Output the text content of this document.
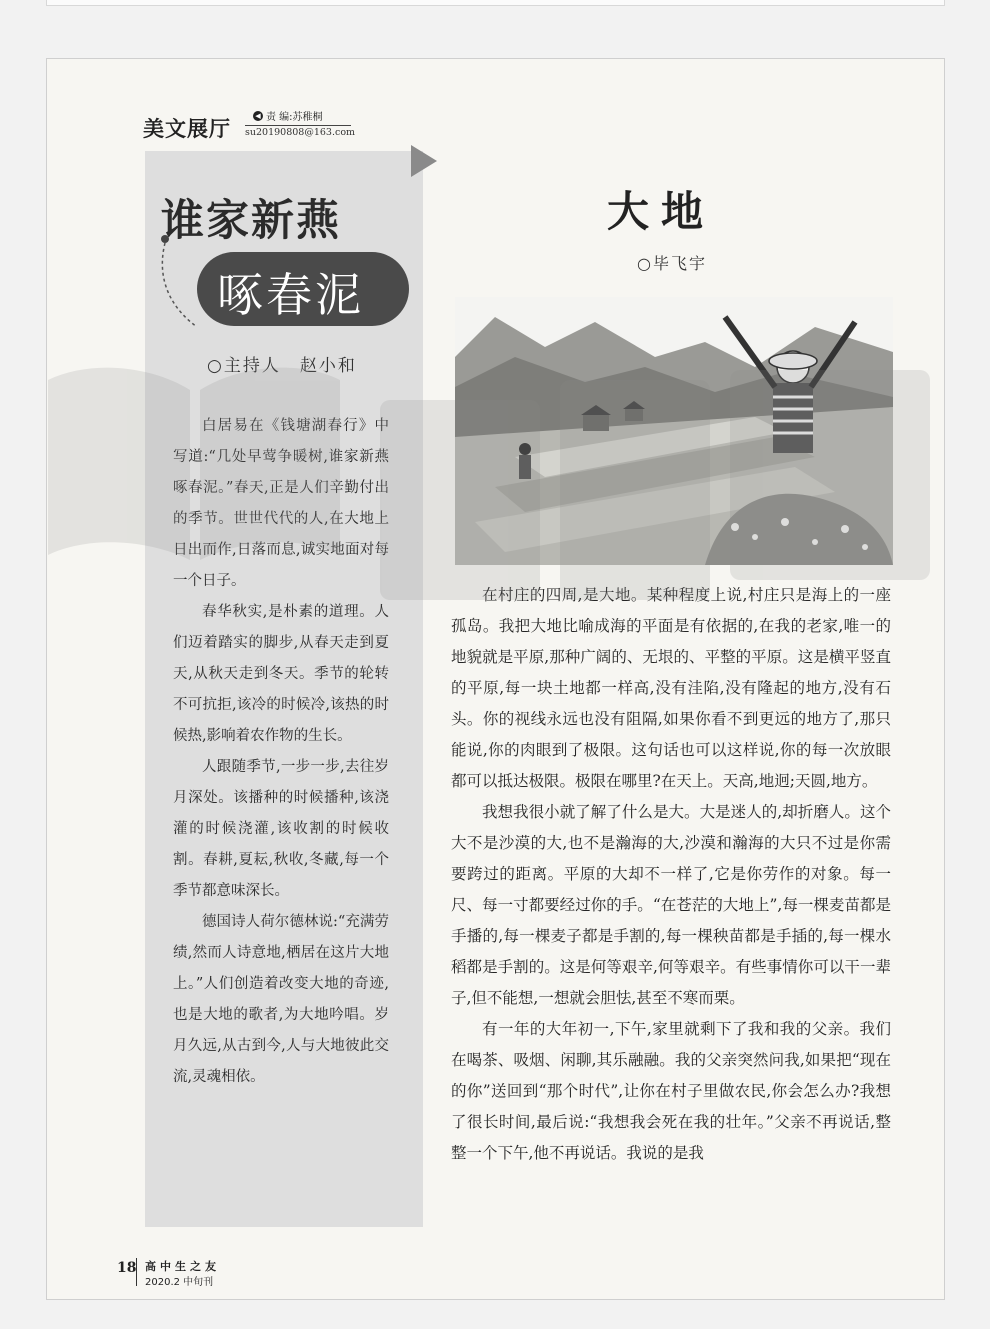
美文展厅
◀ 责 编:苏稚桐
su20190808@163.com
谁家新燕
啄春泥
○主持人　赵小和

白居易在《钱塘湖春行》中写道:“几处早莺争暖树,谁家新燕啄春泥。”春天,正是人们辛勤付出的季节。世世代代的人,在大地上日出而作,日落而息,诚实地面对每一个日子。

春华秋实,是朴素的道理。人们迈着踏实的脚步,从春天走到夏天,从秋天走到冬天。季节的轮转不可抗拒,该冷的时候冷,该热的时候热,影响着农作物的生长。

人跟随季节,一步一步,去往岁月深处。该播种的时候播种,该浇灌的时候浇灌,该收割的时候收割。春耕,夏耘,秋收,冬藏,每一个季节都意味深长。

德国诗人荷尔德林说:“充满劳绩,然而人诗意地,栖居在这片大地上。”人们创造着改变大地的奇迹,也是大地的歌者,为大地吟唱。岁月久远,从古到今,人与大地彼此交流,灵魂相依。

大地
○毕飞宇

在村庄的四周,是大地。某种程度上说,村庄只是海上的一座孤岛。我把大地比喻成海的平面是有依据的,在我的老家,唯一的地貌就是平原,那种广阔的、无垠的、平整的平原。这是横平竖直的平原,每一块土地都一样高,没有洼陷,没有隆起的地方,没有石头。你的视线永远也没有阻隔,如果你看不到更远的地方了,那只能说,你的肉眼到了极限。这句话也可以这样说,你的每一次放眼都可以抵达极限。极限在哪里?在天上。天高,地迥;天圆,地方。

我想我很小就了解了什么是大。大是迷人的,却折磨人。这个大不是沙漠的大,也不是瀚海的大,沙漠和瀚海的大只不过是你需要跨过的距离。平原的大却不一样了,它是你劳作的对象。每一尺、每一寸都要经过你的手。“在苍茫的大地上”,每一棵麦苗都是手播的,每一棵麦子都是手割的,每一棵秧苗都是手插的,每一棵水稻都是手割的。这是何等艰辛,何等艰辛。有些事情你可以干一辈子,但不能想,一想就会胆怯,甚至不寒而栗。

有一年的大年初一,下午,家里就剩下了我和我的父亲。我们在喝茶、吸烟、闲聊,其乐融融。我的父亲突然问我,如果把“现在的你”送回到“那个时代”,让你在村子里做农民,你会怎么办?我想了很长时间,最后说:“我想我会死在我的壮年。”父亲不再说话,整整一个下午,他不再说话。我说的是我

18 高中生之友
2020.2 中旬刊
